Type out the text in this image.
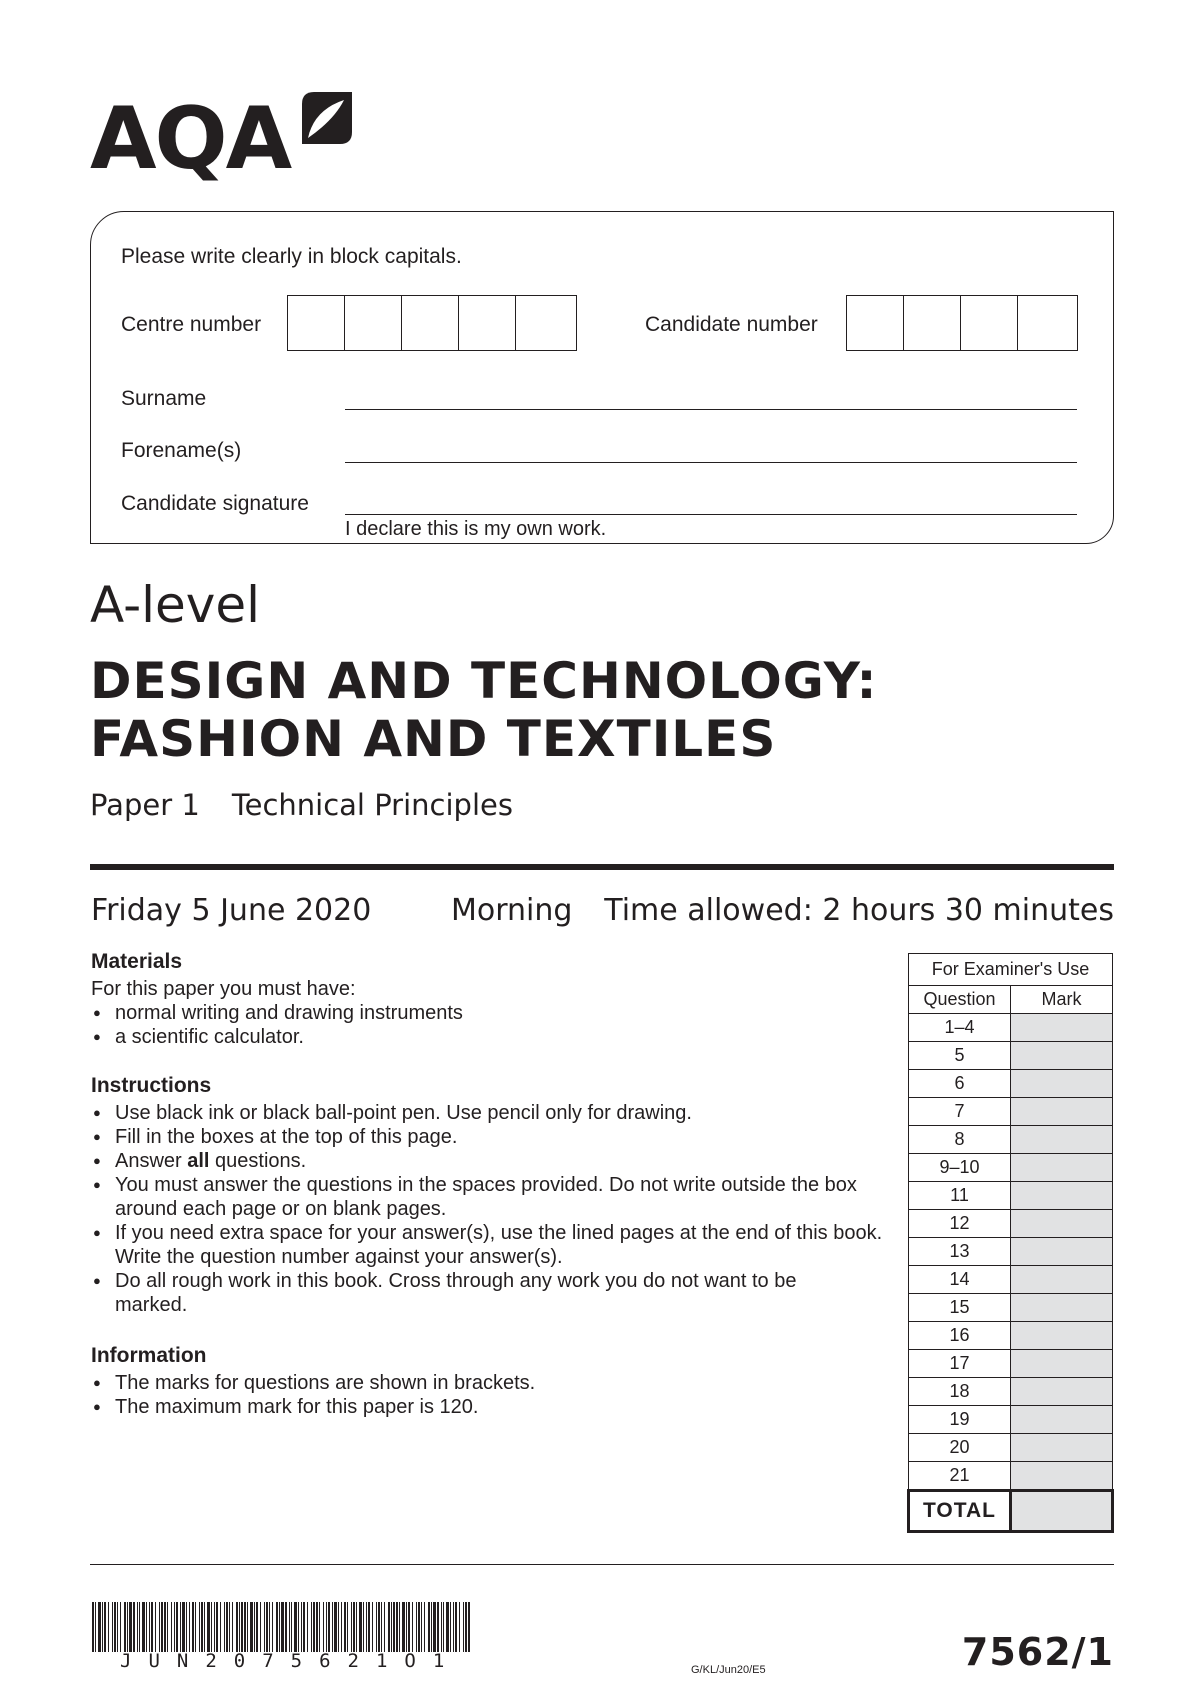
AQA
Please write clearly in block capitals.
Centre number	Candidate number
Surname
Forename(s)
Candidate signature
I declare this is my own work.
A-level
DESIGN AND TECHNOLOGY:
FASHION AND TEXTILES
Paper 1 Technical Principles
Friday 5 June 2020	Morning Time allowed: 2 hours 30 minutes
Materials
For this paper you must have:
● normal writing and drawing instruments
● a scientific calculator.
Instructions
● Use black ink or black ball-point pen. Use pencil only for drawing.
● Fill in the boxes at the top of this page.
● Answer all questions.
● You must answer the questions in the spaces provided. Do not write outside the box around each page or on blank pages.
● If you need extra space for your answer(s), use the lined pages at the end of this book. Write the question number against your answer(s).
● Do all rough work in this book. Cross through any work you do not want to be marked.
Information
● The marks for questions are shown in brackets.
● The maximum mark for this paper is 120.
For Examiner's Use	
Question	Mark
1–4	
5	
6	
7	
8	
9–10	
11	
12	
13	
14	
15	
16	
17	
18	
19	
20	
21	
TOTAL	
JUN2075621O1	G/KL/Jun20/E5	7562/1
